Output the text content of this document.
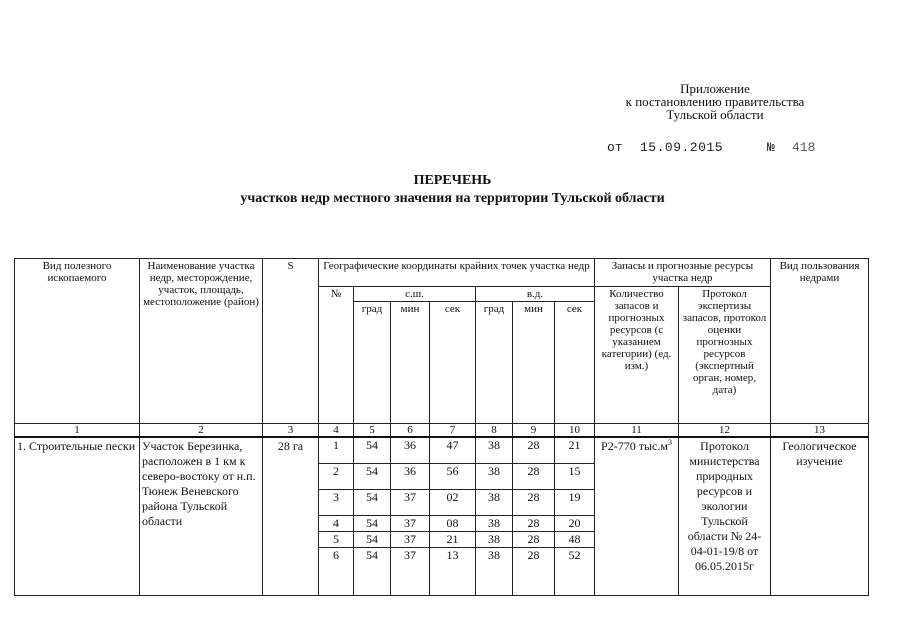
Приложение
к постановлению правительства
Тульской области
от 15.09.2015	№ 418
ПЕРЕЧЕНЬ
участков недр местного значения на территории Тульской области
Вид полезного ископаемого	Наименование участка недр, месторождение, участок, площадь, местоположение (район)	S	Географические координаты крайних точек участка недр							Запасы и прогнозные ресурсы участка недр		Вид пользования недрами
			№	с.ш.			в.д.			Количество запасов и прогнозных ресурсов (с указанием категории) (ед. изм.)	Протокол экспертизы запасов, протокол оценки прогнозных ресурсов (экспертный орган, номер, дата)	
				град	мин	сек	град	мин	сек			
1	2	3	4	5	6	7	8	9	10	11	12	13
1. Строительные пески	Участок Березинка, расположен в 1 км к северо-востоку от н.п. Тюнеж Веневского района Тульской области	28 га	1	54	36	47	38	28	21	Р2-770 $тыс.м^3$	Протокол министерства природных ресурсов и экологии Тульской области № 24-04-01-19/8 от 06.05.2015г	Геологическое изучение
			2	54	36	56	38	28	15			
			3	54	37	02	38	28	19			
			4	54	37	08	38	28	20			
			5	54	37	21	38	28	48			
			6	54	37	13	38	28	52			
